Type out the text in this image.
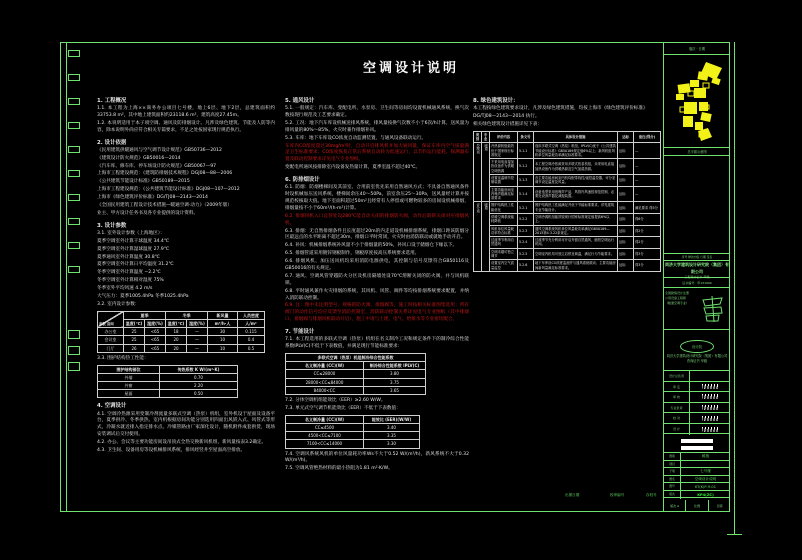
空调设计说明
1. 工程概况
1.1. 本工程为上海××商务办公项目七号楼，地上6层、地下2层，总建筑面积约33753.8 m²，其中地上建筑面积约23118.6 m²，建筑高度27.45m。
1.2. 本说明适用于本子项空调、通风及防排烟设计。凡涉及绿色建筑、节能及人防等内容，除本说明外尚应符合相关专篇要求，不足之处按国家现行规范执行。
2. 设计依据
《民用建筑供暖通风与空气调节设计规范》GB50736—2012
《建筑设计防火规范》GB50016—2014
《汽车库、修车库、停车场设计防火规范》GB50067—97
上海市工程建设规范：《建筑防排烟技术规程》DGJ08—88—2006
《公共建筑节能设计标准》GB50189—2015
上海市工程建设规范：《公共建筑节能设计标准》DGJ08—107—2012
上海市《绿色建筑评价标准》DG/TJ08—2143—2014
《全国民用建筑工程设计技术措施—暖通空调·动力》（2009年版）
业主、甲方设计任务书及各专业提供的设计资料。
3. 设计参数
3.1. 室外设计参数（上海地区）：
夏季空调室外计算干球温度 34.4℃
夏季空调室外计算湿球温度 27.9℃
夏季通风室外计算温度 30.8℃
夏季空调室外计算日平均温度 31.2℃
冬季空调室外计算温度 −2.2℃
冬季空调室外计算相对湿度 75%
冬季室外平均风速 4.2 m/s
大气压力：夏季1005.4hPa 冬季1025.4hPa
3.2. 室内设计参数：
参数 房间	夏季		冬季		新风量	人员密度
	温度(℃)	湿度(%)	温度(℃)	湿度(%)	m³/h·人	人/m²
办公室	25	<65	18	—	30	0.115
会议室	25	<65	20	—	10	0.4
门厅	26	<65	20	—	10	0.5
3.3. 围护结构热工性能：
围护结构部位	传热系数 K W/(m²·K)
外墙	0.70
外窗	2.20
屋面	0.50
4. 空调设计
4.1. 空调冷热源采用变制冷剂流量多联式空调（热泵）机组，室外机设于屋面及设备平台，夏季供冷、冬季供热。室内机根据房间功能分别选用四面出风嵌入式、风管式等形式，冷凝水就近排入指定排水点。冷媒管路由厂家深化设计，随机附件成套供货，现场安装调试后交付使用。
4.2. 办公、会议等主要功能房间设吊顶式全热交换新风机组，新风量按表3.2确定。
4.3. 卫生间、设备用房等设机械排风系统，排风经竖井至屋面高空排放。
5. 通风设计
5.1. 一般规定：汽车库、变配电所、水泵房、卫生间等房间均设置机械通风系统，换气次数按现行规范及工艺要求确定。
5.2. 工况：地下汽车库设机械送排风系统，排风量按换气次数不小于6次/h计算，送风量为排风量的80%～85%，火灾时兼作排烟补风。
5.3. 车库：地下车库设CO浓度自动监测装置，与通风设备联动运行。
车库内CO浓度超过30mg/m³时，自动开启排风机并加大通风量，保证车库内空气质量满足卫生标准要求；CO浓度恢复正常后系统自动转为低速运行，以节约运行能耗。探测器布置及联动控制要求详见电气专业图纸。
变配电所通风按排除室内设备发热量计算，夏季室温不超过40℃。
6. 防排烟设计
6.1. 防烟：防烟楼梯间及其前室、合用前室优先采用自然通风方式；不具备自然通风条件时设机械加压送风系统，楼梯间余压40～50Pa，前室余压25～30Pa，送风量经计算并按规范校核取大值。地下室面积超过50m²且经常有人停留或可燃物较多的房间设机械排烟，排烟量按不小于60m³/(h·m²)计算。
6.2. 排烟风机入口总管处设280℃能自动关闭的排烟防火阀，动作后联锁关闭对应排烟风机。
6.3. 排烟：无自然排烟条件且长度超过20m的内走道设机械排烟系统，排烟口距该防烟分区最远点的水平距离不超过30m，排烟口平时常闭，火灾时由消防联动或就地手动开启。
6.4. 补风：机械排烟系统补风量不小于排烟量的50%，补风口设于储烟仓下缘以下。
6.5. 排烟管道采用镀锌钢板制作，钢板厚度按高压系统要求选用。
6.6. 排烟风机、加压送风机均采用消防电源供电，其控制与信号反馈符合GB50116及GB50016的有关规定。
6.7. 通风、空调风管穿越防火分区及机房隔墙处设70℃熔断关闭的防火阀，并与风机联锁。
6.8. 平时通风兼作火灾排烟的系统，其风机、风管、阀件等均按排烟系统要求配置，并纳入消防联动控制。
6.9. 注：图中未注明型号、规格的防火阀、排烟阀等，施工时按相关标准图集选用；所有阀门的动作信号均应反馈至消防控制室，消防联动控制关系详见电气专业图纸（其中排烟口、排烟阀与排烟风机联动开启），施工中请与土建、电气、给排水等专业密切配合。
7. 节能设计
7.1. 本工程选用的多联式空调（热泵）机组在名义制冷工况和规定条件下的制冷综合性能系数IPLV(C)不低于下表数值，并满足现行节能标准要求：
多联式空调（热泵）机组制冷综合性能系数	
名义制冷量 (CC)(W)	制冷综合性能系数 IPLV(C)
CC≤28000	3.80
28000<CC≤84000	3.75
84000<CC	3.65
7.2. 分体空调机组能效比（EER）≥2.60 W/W。
7.3. 单元式空气调节机能效比（EER）不低于下表数值：
名义制冷量 (CC)(W)	能效比 (EER)(W/W)
CC≤4500	3.40
4500<CC≤7100	3.35
7100<CC≤14000	3.30
7.4. 空调风系统风机的单位风量耗功率Ws不大于0.52 W/(m³/h)，新风系统不大于0.32 W/(m³/h)。
7.5. 空调风管绝热材料的最小热阻为1.81 m²·K/W。
8. 绿色建筑设计：
本工程按绿色建筑要求设计，凡涉及绿色建筑措施，均按上海市《绿色建筑评价标准》
DG/TJ08—2143—2014 执行。
相关绿色建筑设计措施详见下表：
类别	专业	评价内容	条文号	具体设计措施	达标	备注(得分)
控制项	暖通	冷热源机组能效优于国家现行标准规定	5.1.1	选用多联式空调（热泵）机组，IPLV(C)优于《公共建筑节能设计标准》GB50189规定值6%以上；新风机组风机单位风量耗功率满足标准要求。	达标	—
		不采用电直接加热设备作为供暖空调热源	5.1.2	本工程空调冷热源采用多联式热泵机组，未采用电直接加热设备作为供暖热源及空气加湿热源。	达标	—
		设置室温调节控制装置	5.1.3	各主要功能房间室内机均配带线控/遥控温控器，可分室调节设定温度及风量。	达标	—
		主要功能房间室内噪声级满足标准要求	5.1.4	设备选型采用低噪声产品，风管内风速按规范控制，必要处设消声器及减振装置。	达标	—
评分项	暖通	围护结构热工性能优化	5.2.1	围护结构热工性能满足并优于节能标准要求，详见建筑专业节能设计。	达标	满足要求 得5分
		供暖空调系统能耗降低	5.2.2	空调冷源机组能效较现行国家标准规定值提高6%以上。	达标	得6分
		风机单位风量耗功率符合标准	5.2.3	通风空调系统风机单位风量耗功率满足GB50189—2015第4.3.22条规定。	达标	得2分
		过渡季节利用自然通风	5.2.4	过渡季节充分利用可开启外窗自然通风，缩短空调运行时间。	达标	得2分
		空调末端可独立调节	5.2.5	空调室内机均可独立启停及调温，满足行为节能要求。	达标	得3分
		设置室内空气质量监控	5.2.6	地下车库设CO浓度监测并与通风系统联动；主要功能房间新风量满足标准要求。	达标	得3分
出图日期	校审编号	存档号
版次 · 日期
总平面示意图
序号 修改内容 日期 签名
同济大学建筑设计研究院（集团）有限公司
工程设计证书 甲级
证书编号：甲131000
全国勘察设计注册
公用设备工程师
（暖通空调专业）
设计院
同济大学建筑设计研究院（集团）有限公司
咨询证书 甲级
设计总负责
审 定
审 核
专业负责
校 对
设 计
图别	暖施
项目
子项	七号楼
图名	空调设计说明
图号	KT(K)P-9-01
版次	KP4(ZC)
版次 A	比例	日期
